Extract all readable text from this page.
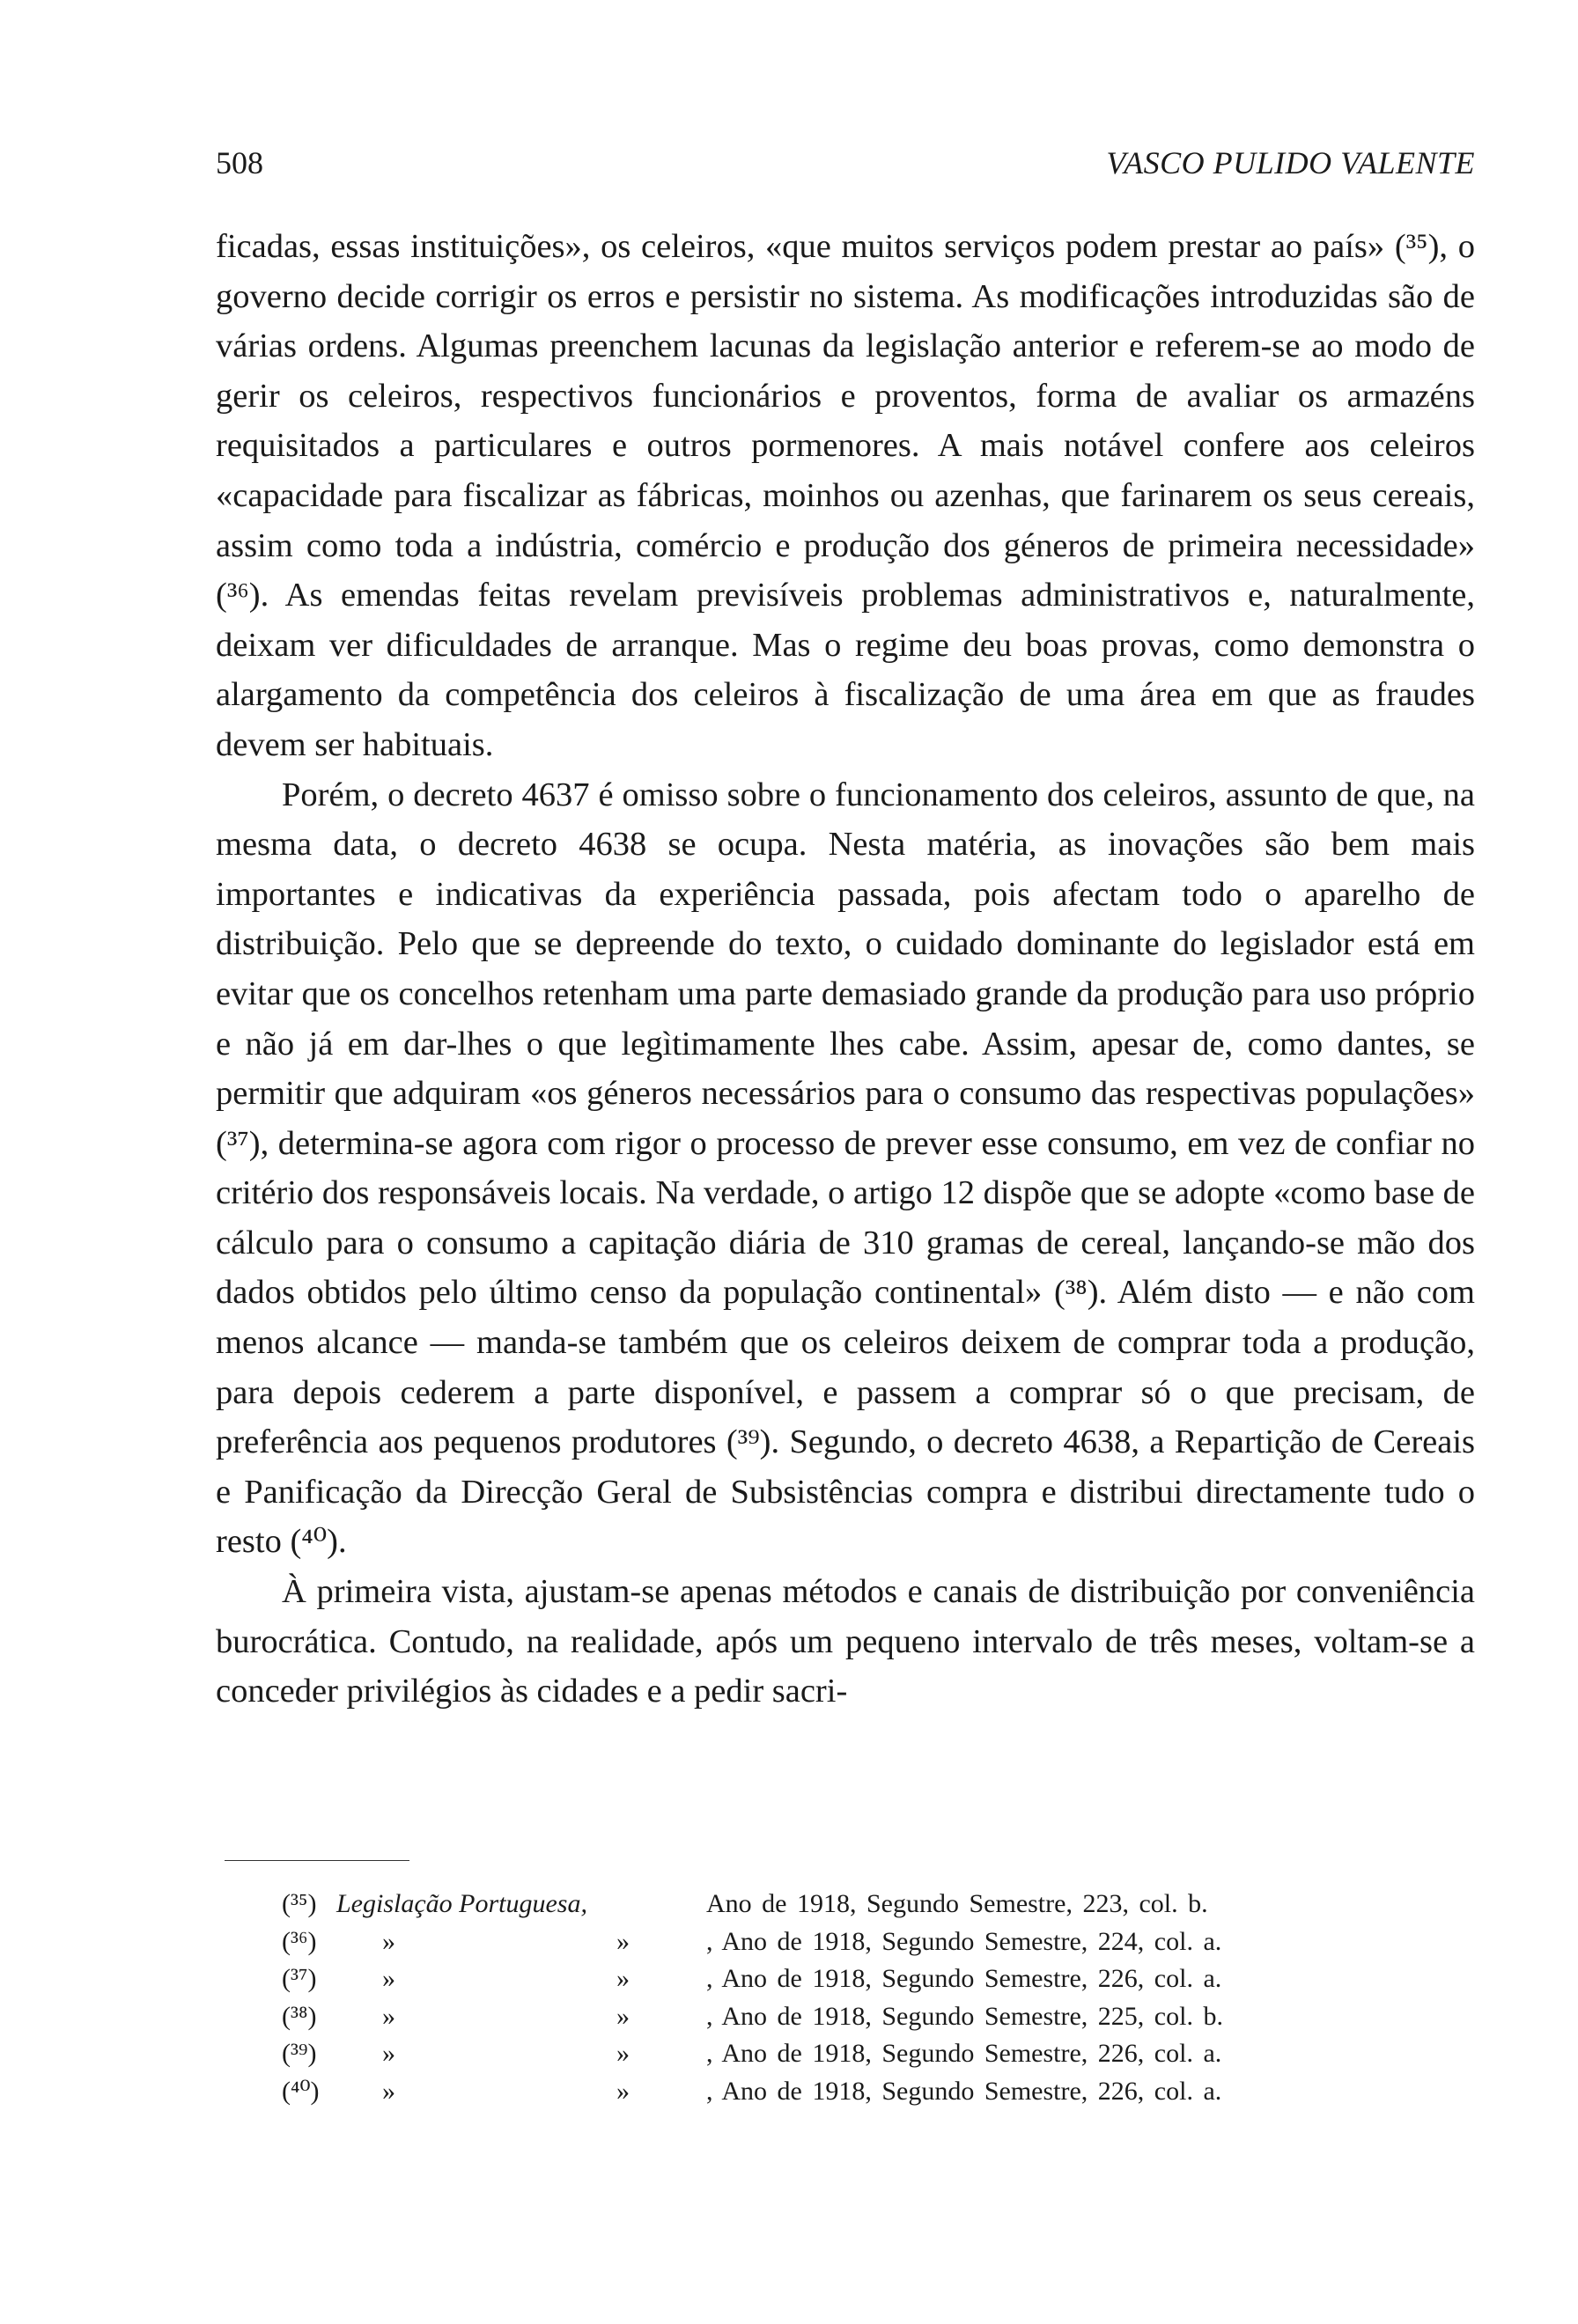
508	VASCO PULIDO VALENTE

ficadas, essas instituições», os celeiros, «que muitos serviços podem prestar ao país» (³⁵), o governo decide corrigir os erros e persistir no sistema. As modificações introduzidas são de várias ordens. Algumas preenchem lacunas da legislação anterior e referem-se ao modo de gerir os celeiros, respectivos funcionários e proventos, forma de avaliar os armazéns requisitados a particulares e outros pormenores. A mais notável confere aos celeiros «capacidade para fiscalizar as fábricas, moinhos ou azenhas, que farinarem os seus cereais, assim como toda a indústria, comércio e produção dos géneros de primeira necessidade» (³⁶). As emendas feitas revelam previsíveis problemas administrativos e, naturalmente, deixam ver dificuldades de arranque. Mas o regime deu boas provas, como demonstra o alargamento da competência dos celeiros à fiscalização de uma área em que as fraudes devem ser habituais.

Porém, o decreto 4637 é omisso sobre o funcionamento dos celeiros, assunto de que, na mesma data, o decreto 4638 se ocupa. Nesta matéria, as inovações são bem mais importantes e indicativas da experiência passada, pois afectam todo o aparelho de distribuição. Pelo que se depreende do texto, o cuidado dominante do legislador está em evitar que os concelhos retenham uma parte demasiado grande da produção para uso próprio e não já em dar-lhes o que legìtimamente lhes cabe. Assim, apesar de, como dantes, se permitir que adquiram «os géneros necessários para o consumo das respectivas populações» (³⁷), determina-se agora com rigor o processo de prever esse consumo, em vez de confiar no critério dos responsáveis locais. Na verdade, o artigo 12 dispõe que se adopte «como base de cálculo para o consumo a capitação diária de 310 gramas de cereal, lançando-se mão dos dados obtidos pelo último censo da população continental» (³⁸). Além disto — e não com menos alcance — manda-se também que os celeiros deixem de comprar toda a produção, para depois cederem a parte disponível, e passem a comprar só o que precisam, de preferência aos pequenos produtores (³⁹). Segundo, o decreto 4638, a Repartição de Cereais e Panificação da Direcção Geral de Subsistências compra e distribui directamente tudo o resto (⁴⁰).

À primeira vista, ajustam-se apenas métodos e canais de distribuição por conveniência burocrática. Contudo, na realidade, após um pequeno intervalo de três meses, voltam-se a conceder privilégios às cidades e a pedir sacri-

(³⁵) Legislação Portuguesa,	Ano de 1918, Segundo Semestre, 223, col. b.
(³⁶)	»	»	, Ano de 1918, Segundo Semestre, 224, col. a.
(³⁷)	»	»	, Ano de 1918, Segundo Semestre, 226, col. a.
(³⁸)	»	»	, Ano de 1918, Segundo Semestre, 225, col. b.
(³⁹)	»	»	, Ano de 1918, Segundo Semestre, 226, col. a.
(⁴⁰)	»	»	, Ano de 1918, Segundo Semestre, 226, col. a.
